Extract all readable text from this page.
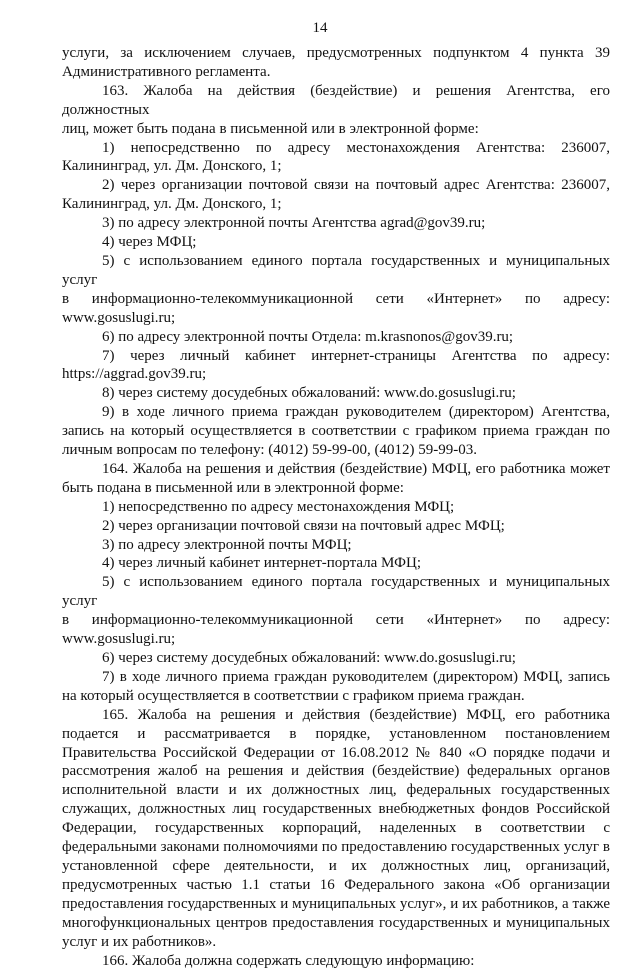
14

услуги, за исключением случаев, предусмотренных подпунктом 4 пункта 39

Административного регламента.

163. Жалоба на действия (бездействие) и решения Агентства, его должностных

лиц, может быть подана в письменной или в электронной форме:

1) непосредственно по адресу местонахождения Агентства: 236007,

Калининград, ул. Дм. Донского, 1;

2) через организации почтовой связи на почтовый адрес Агентства: 236007,

Калининград, ул. Дм. Донского, 1;

3) по адресу электронной почты Агентства agrad@gov39.ru;

4) через МФЦ;

5) с использованием единого портала государственных и муниципальных услуг

в информационно-телекоммуникационной сети «Интернет» по адресу:

www.gosuslugi.ru;

6) по адресу электронной почты Отдела: m.krasnonos@gov39.ru;

7) через личный кабинет интернет-страницы Агентства по адресу:

https://aggrad.gov39.ru;

8) через систему досудебных обжалований: www.do.gosuslugi.ru;

9) в ходе личного приема граждан руководителем (директором) Агентства,

запись на который осуществляется в соответствии с графиком приема граждан по

личным вопросам по телефону: (4012) 59-99-00, (4012) 59-99-03.

164. Жалоба на решения и действия (бездействие) МФЦ, его работника может

быть подана в письменной или в электронной форме:

1) непосредственно по адресу местонахождения МФЦ;

2) через организации почтовой связи на почтовый адрес МФЦ;

3) по адресу электронной почты МФЦ;

4) через личный кабинет интернет-портала МФЦ;

5) с использованием единого портала государственных и муниципальных услуг

в информационно-телекоммуникационной сети «Интернет» по адресу:

www.gosuslugi.ru;

6) через систему досудебных обжалований: www.do.gosuslugi.ru;

7) в ходе личного приема граждан руководителем (директором) МФЦ, запись

на который осуществляется в соответствии с графиком приема граждан.

165. Жалоба на решения и действия (бездействие) МФЦ, его работника

подается и рассматривается в порядке, установленном постановлением

Правительства Российской Федерации от 16.08.2012 № 840 «О порядке подачи и

рассмотрения жалоб на решения и действия (бездействие) федеральных органов

исполнительной власти и их должностных лиц, федеральных государственных

служащих, должностных лиц государственных внебюджетных фондов Российской

Федерации, государственных корпораций, наделенных в соответствии с

федеральными законами полномочиями по предоставлению государственных услуг в

установленной сфере деятельности, и их должностных лиц, организаций,

предусмотренных частью 1.1 статьи 16 Федерального закона «Об организации

предоставления государственных и муниципальных услуг», и их работников, а также

многофункциональных центров предоставления государственных и муниципальных

услуг и их работников».

166. Жалоба должна содержать следующую информацию:
